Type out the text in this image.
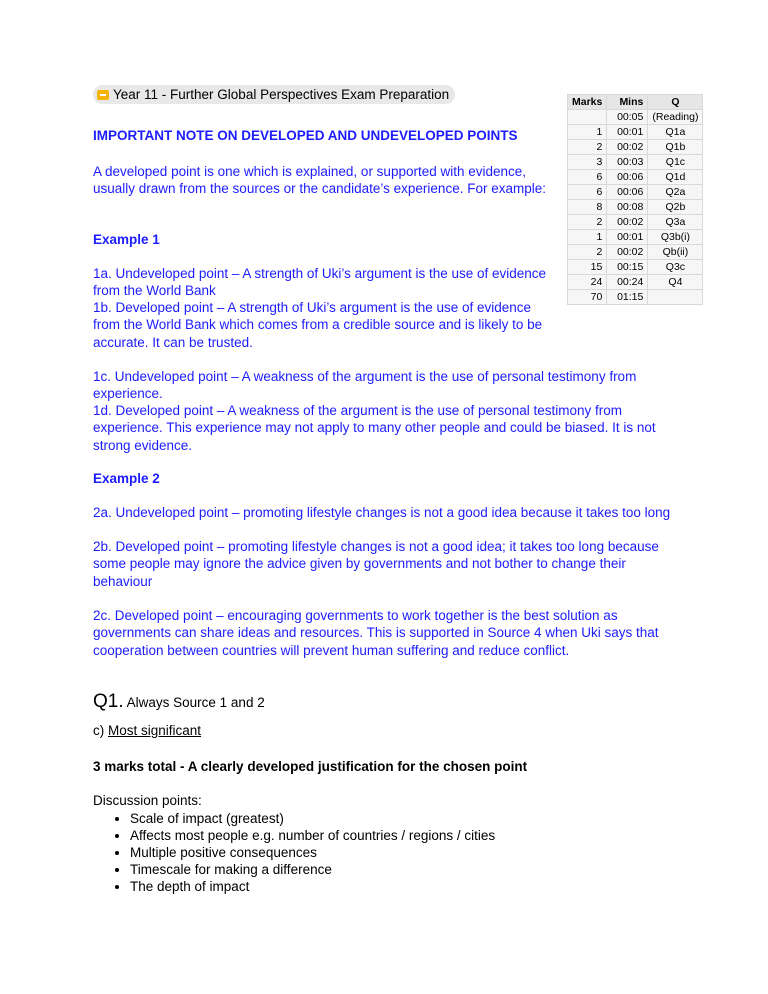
Year 11 - Further Global Perspectives Exam Preparation

IMPORTANT NOTE ON DEVELOPED AND UNDEVELOPED POINTS

A developed point is one which is explained, or supported with evidence, usually drawn from the sources or the candidate’s experience. For example:

Example 1

1a. Undeveloped point – A strength of Uki’s argument is the use of evidence from the World Bank

1b. Developed point – A strength of Uki’s argument is the use of evidence from the World Bank which comes from a credible source and is likely to be accurate. It can be trusted.

1c. Undeveloped point – A weakness of the argument is the use of personal testimony from experience.

1d. Developed point – A weakness of the argument is the use of personal testimony from experience. This experience may not apply to many other people and could be biased. It is not strong evidence.

Example 2

2a. Undeveloped point – promoting lifestyle changes is not a good idea because it takes too long

2b. Developed point – promoting lifestyle changes is not a good idea; it takes too long because some people may ignore the advice given by governments and not bother to change their behaviour

2c. Developed point – encouraging governments to work together is the best solution as governments can share ideas and resources. This is supported in Source 4 when Uki says that cooperation between countries will prevent human suffering and reduce conflict.

Q1. Always Source 1 and 2

c) Most significant

3 marks total - A clearly developed justification for the chosen point

Discussion points:

• Scale of impact (greatest)
• Affects most people e.g. number of countries / regions / cities
• Multiple positive consequences
• Timescale for making a difference
• The depth of impact
Marks	Mins	Q
	00:05	(Reading)
1	00:01	Q1a
2	00:02	Q1b
3	00:03	Q1c
6	00:06	Q1d
6	00:06	Q2a
8	00:08	Q2b
2	00:02	Q3a
1	00:01	Q3b(i)
2	00:02	Qb(ii)
15	00:15	Q3c
24	00:24	Q4
70	01:15	
